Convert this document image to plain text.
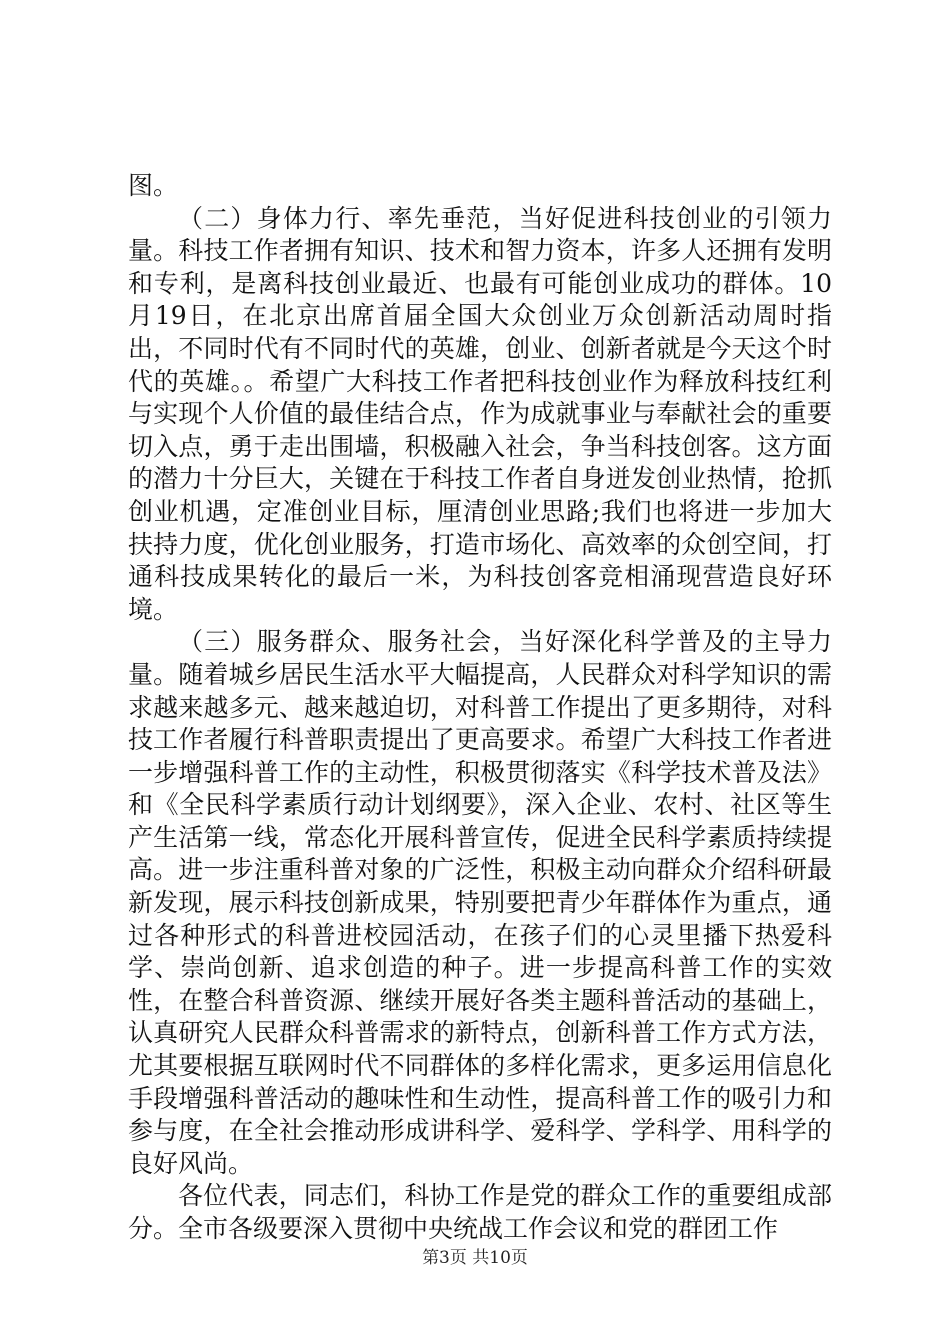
图。

（二）身体力行、率先垂范，当好促进科技创业的引领力量。科技工作者拥有知识、技术和智力资本，许多人还拥有发明和专利，是离科技创业最近、也最有可能创业成功的群体。10月19日，在北京出席首届全国大众创业万众创新活动周时指出，不同时代有不同时代的英雄，创业、创新者就是今天这个时代的英雄。。希望广大科技工作者把科技创业作为释放科技红利与实现个人价值的最佳结合点，作为成就事业与奉献社会的重要切入点，勇于走出围墙，积极融入社会，争当科技创客。这方面的潜力十分巨大，关键在于科技工作者自身迸发创业热情，抢抓创业机遇，定准创业目标，厘清创业思路;我们也将进一步加大扶持力度，优化创业服务，打造市场化、高效率的众创空间，打通科技成果转化的最后一米，为科技创客竞相涌现营造良好环境。

（三）服务群众、服务社会，当好深化科学普及的主导力量。随着城乡居民生活水平大幅提高，人民群众对科学知识的需求越来越多元、越来越迫切，对科普工作提出了更多期待，对科技工作者履行科普职责提出了更高要求。希望广大科技工作者进一步增强科普工作的主动性，积极贯彻落实《科学技术普及法》和《全民科学素质行动计划纲要》，深入企业、农村、社区等生产生活第一线，常态化开展科普宣传，促进全民科学素质持续提高。进一步注重科普对象的广泛性，积极主动向群众介绍科研最新发现，展示科技创新成果，特别要把青少年群体作为重点，通过各种形式的科普进校园活动，在孩子们的心灵里播下热爱科学、崇尚创新、追求创造的种子。进一步提高科普工作的实效性，在整合科普资源、继续开展好各类主题科普活动的基础上，认真研究人民群众科普需求的新特点，创新科普工作方式方法，尤其要根据互联网时代不同群体的多样化需求，更多运用信息化手段增强科普活动的趣味性和生动性，提高科普工作的吸引力和参与度，在全社会推动形成讲科学、爱科学、学科学、用科学的良好风尚。

各位代表，同志们，科协工作是党的群众工作的重要组成部分。全市各级要深入贯彻中央统战工作会议和党的群团工作

第3页 共10页
